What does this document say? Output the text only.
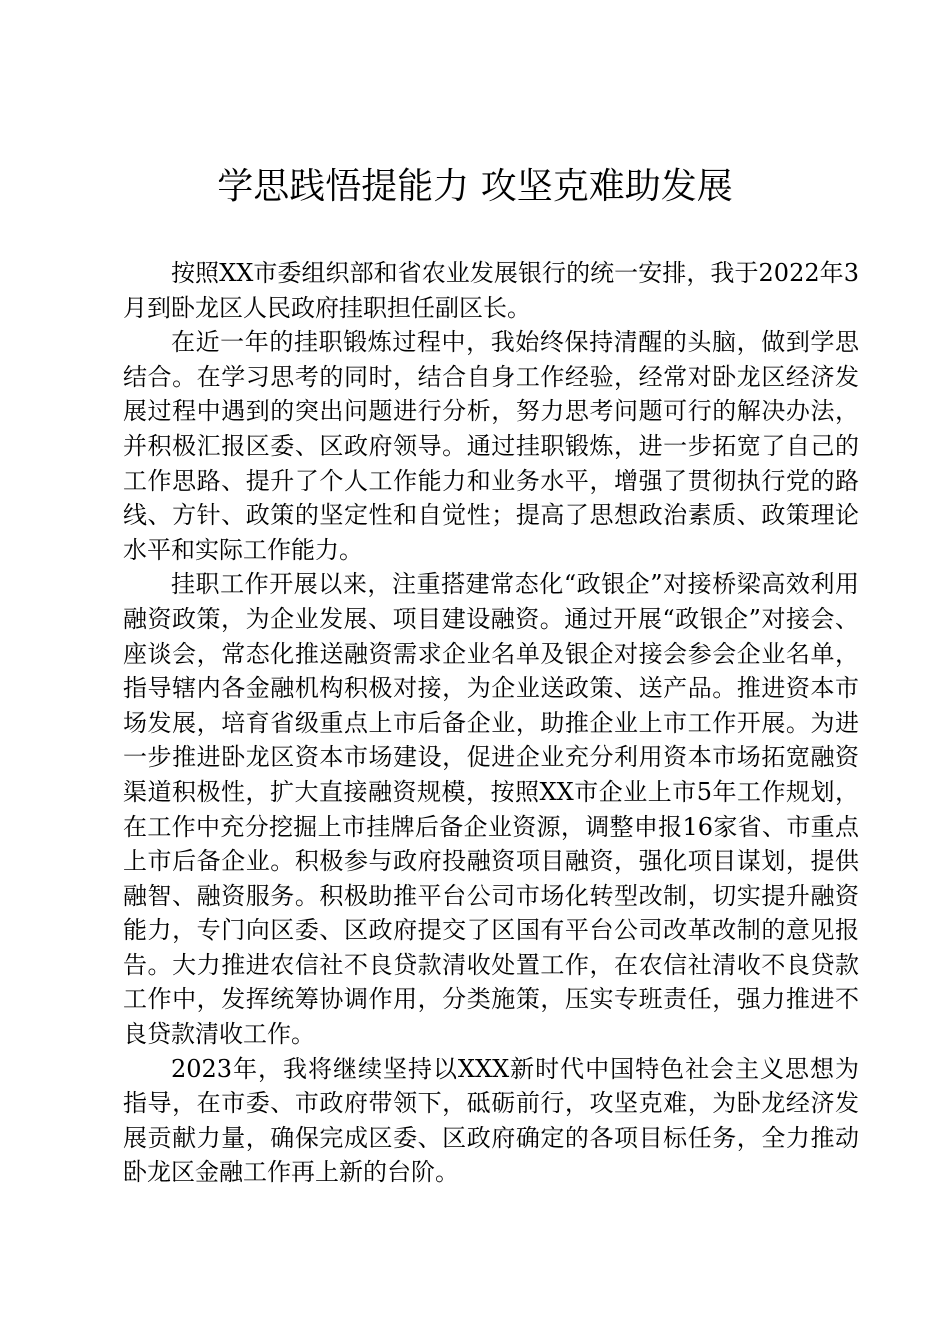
学思践悟提能力 攻坚克难助发展

按照XX市委组织部和省农业发展银行的统一安排，我于2022年3月到卧龙区人民政府挂职担任副区长。

在近一年的挂职锻炼过程中，我始终保持清醒的头脑，做到学思结合。在学习思考的同时，结合自身工作经验，经常对卧龙区经济发展过程中遇到的突出问题进行分析，努力思考问题可行的解决办法，并积极汇报区委、区政府领导。通过挂职锻炼，进一步拓宽了自己的工作思路、提升了个人工作能力和业务水平，增强了贯彻执行党的路线、方针、政策的坚定性和自觉性；提高了思想政治素质、政策理论水平和实际工作能力。

挂职工作开展以来，注重搭建常态化“政银企”对接桥梁高效利用融资政策，为企业发展、项目建设融资。通过开展“政银企”对接会、座谈会，常态化推送融资需求企业名单及银企对接会参会企业名单，指导辖内各金融机构积极对接，为企业送政策、送产品。推进资本市场发展，培育省级重点上市后备企业，助推企业上市工作开展。为进一步推进卧龙区资本市场建设，促进企业充分利用资本市场拓宽融资渠道积极性，扩大直接融资规模，按照XX市企业上市5年工作规划，在工作中充分挖掘上市挂牌后备企业资源，调整申报16家省、市重点上市后备企业。积极参与政府投融资项目融资，强化项目谋划，提供融智、融资服务。积极助推平台公司市场化转型改制，切实提升融资能力，专门向区委、区政府提交了区国有平台公司改革改制的意见报告。大力推进农信社不良贷款清收处置工作，在农信社清收不良贷款工作中，发挥统筹协调作用，分类施策，压实专班责任，强力推进不良贷款清收工作。

2023年，我将继续坚持以XXX新时代中国特色社会主义思想为指导，在市委、市政府带领下，砥砺前行，攻坚克难，为卧龙经济发展贡献力量，确保完成区委、区政府确定的各项目标任务，全力推动卧龙区金融工作再上新的台阶。
